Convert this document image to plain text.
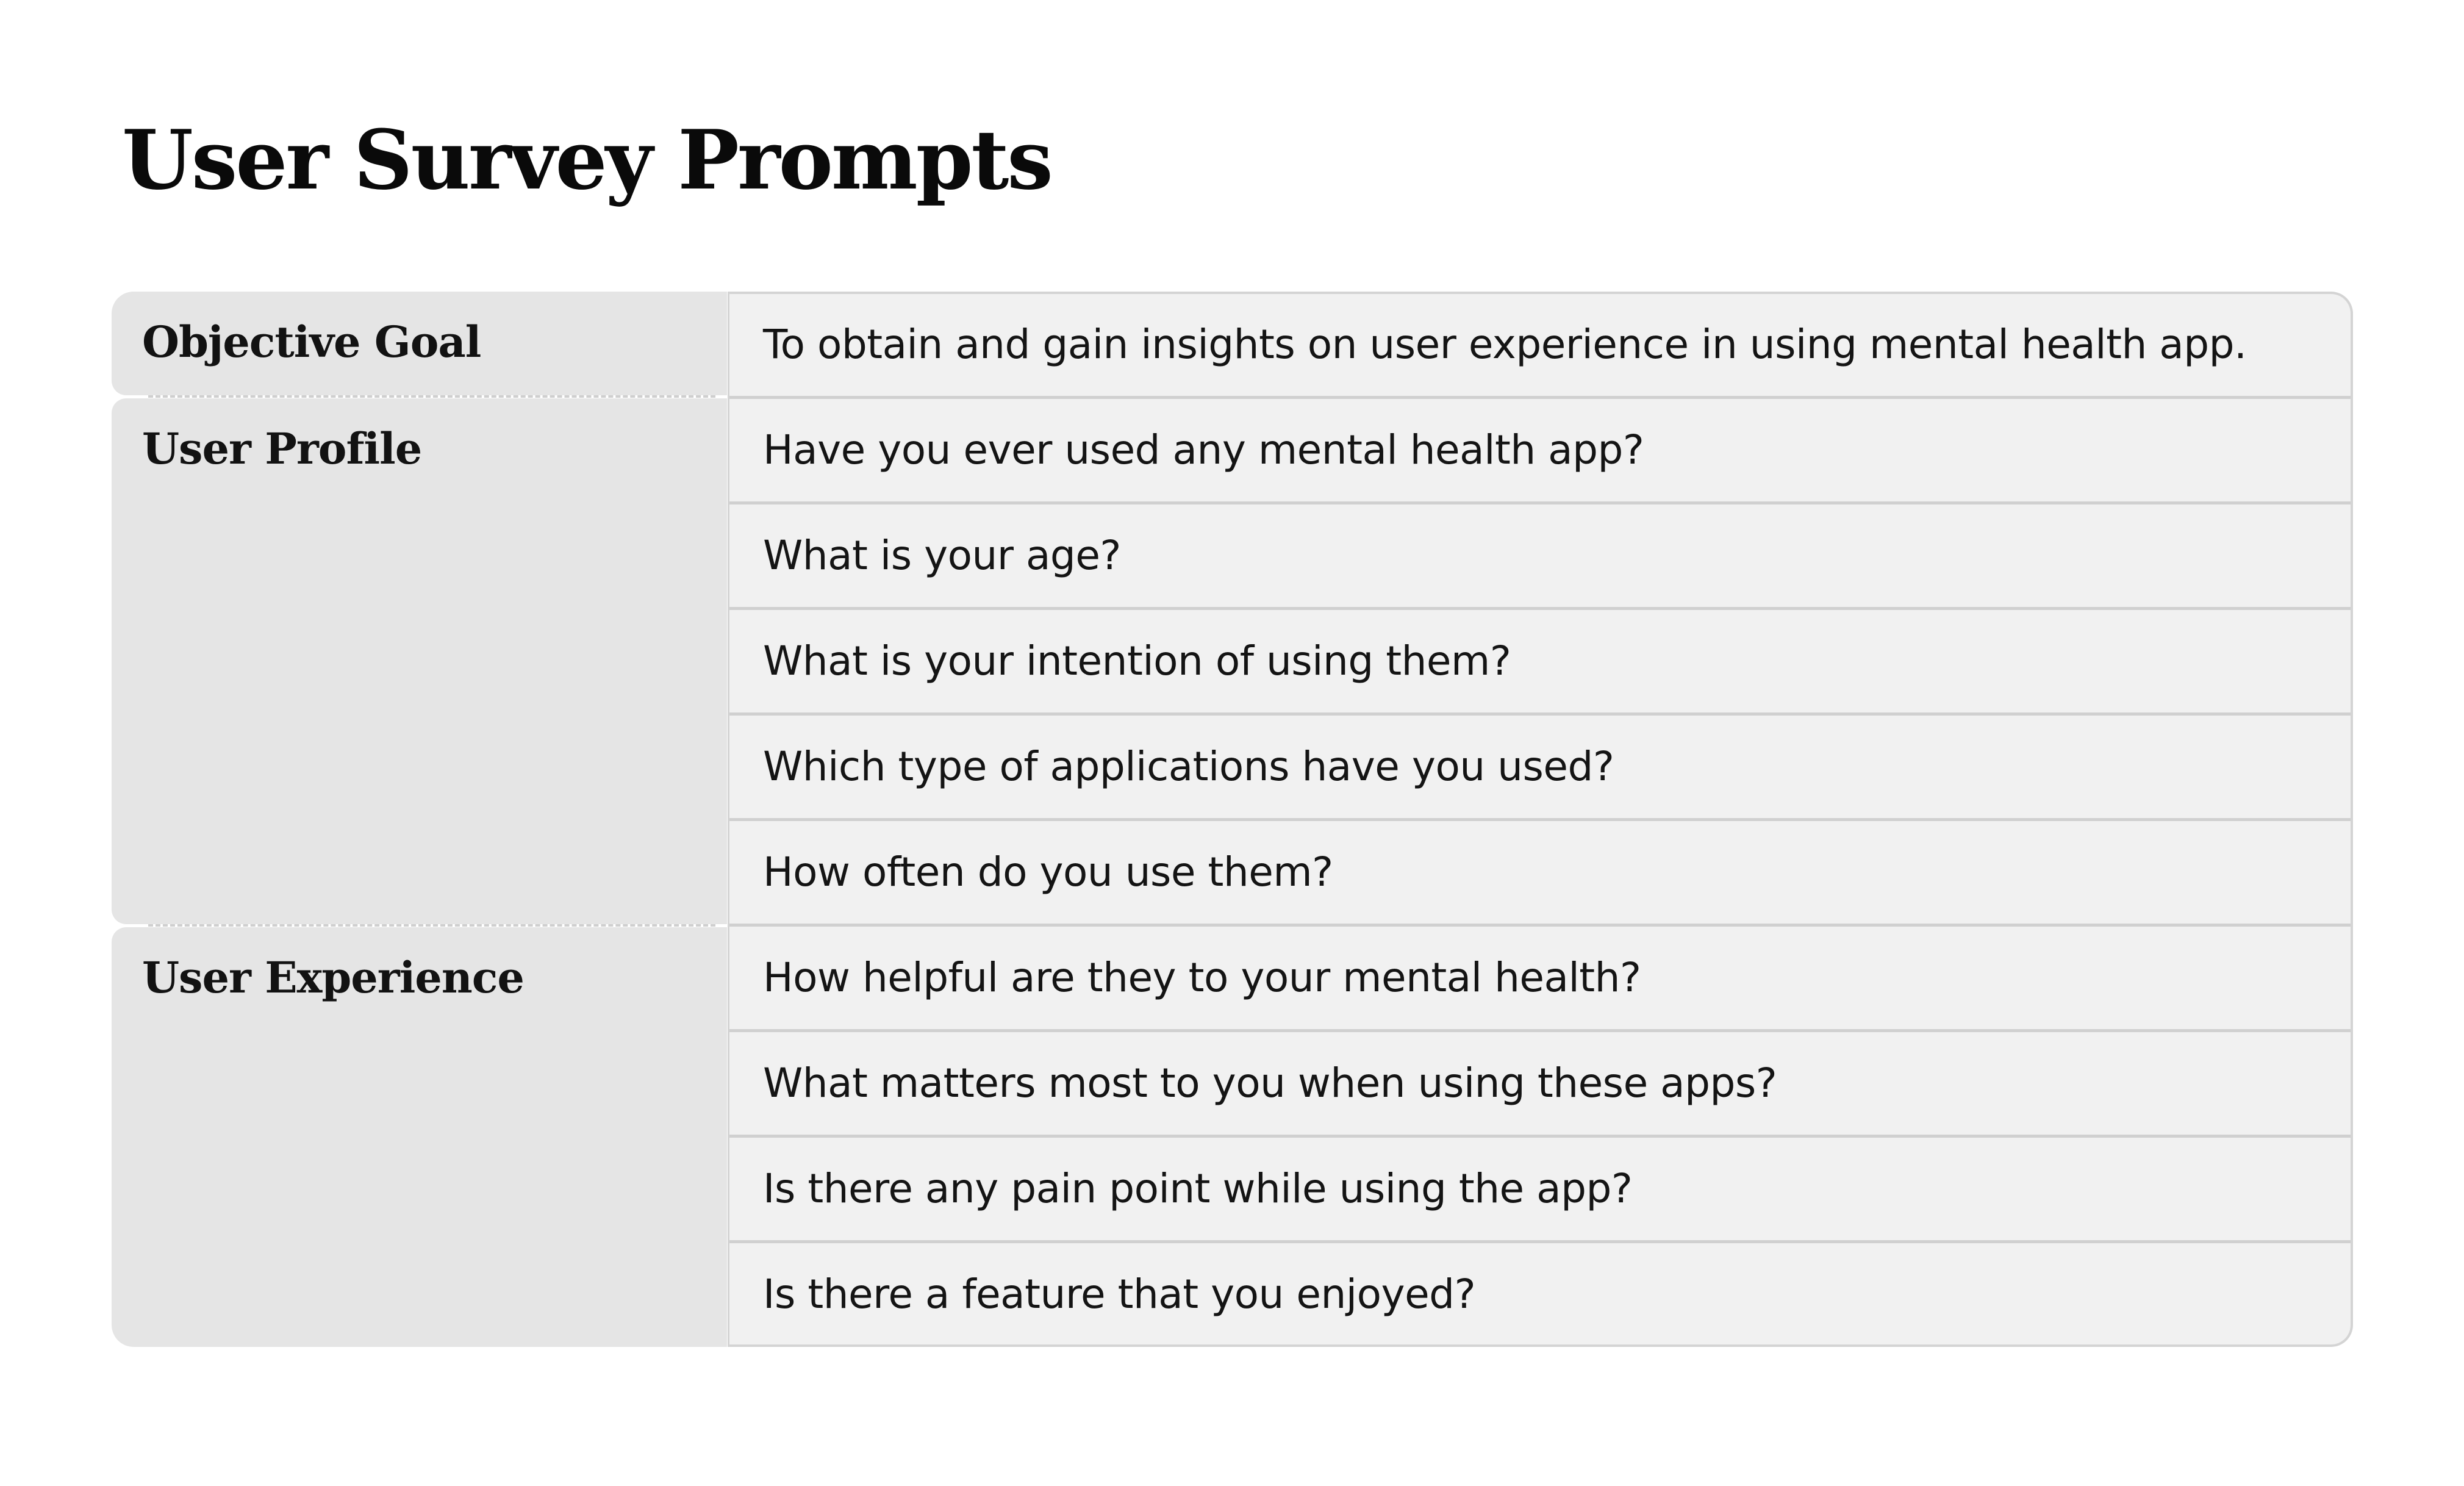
User Survey Prompts
Objective Goal
User Profile
User Experience
To obtain and gain insights on user experience in using mental health app.
Have you ever used any mental health app?
What is your age?
What is your intention of using them?
Which type of applications have you used?
How often do you use them?
How helpful are they to your mental health?
What matters most to you when using these apps?
Is there any pain point while using the app?
Is there a feature that you enjoyed?
